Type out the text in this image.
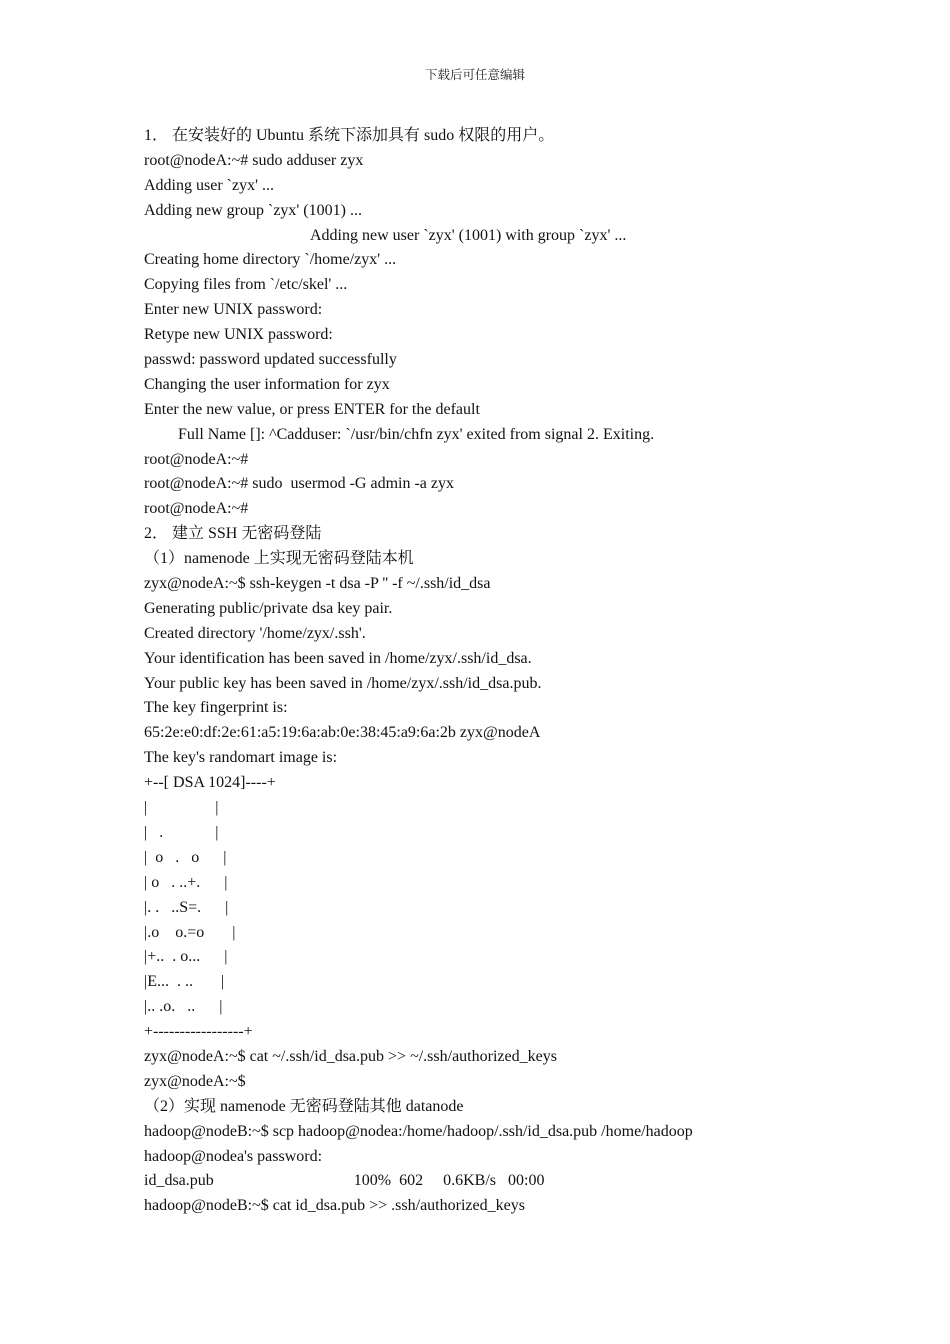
下载后可任意编辑
1． 在安装好的 Ubuntu 系统下添加具有 sudo 权限的用户。
root@nodeA:~# sudo adduser zyx
Adding user `zyx' ...
Adding new group `zyx' (1001) ...
Adding new user `zyx' (1001) with group `zyx' ...
Creating home directory `/home/zyx' ...
Copying files from `/etc/skel' ...
Enter new UNIX password:
Retype new UNIX password:
passwd: password updated successfully
Changing the user information for zyx
Enter the new value, or press ENTER for the default
Full Name []: ^Cadduser: `/usr/bin/chfn zyx' exited from signal 2. Exiting.
root@nodeA:~#
root@nodeA:~# sudo  usermod -G admin -a zyx
root@nodeA:~#
2． 建立 SSH 无密码登陆
（1）namenode 上实现无密码登陆本机
zyx@nodeA:~$ ssh-keygen -t dsa -P '' -f ~/.ssh/id_dsa
Generating public/private dsa key pair.
Created directory '/home/zyx/.ssh'.
Your identification has been saved in /home/zyx/.ssh/id_dsa.
Your public key has been saved in /home/zyx/.ssh/id_dsa.pub.
The key fingerprint is:
65:2e:e0:df:2e:61:a5:19:6a:ab:0e:38:45:a9:6a:2b zyx@nodeA
The key's randomart image is:
+--[ DSA 1024]----+
|                 |
|   .             |
|  o   .   o      |
| o   . ..+.      |
|. .   ..S=.      |
|.o    o.=o       |
|+..  . o...      |
|E...  . ..       |
|.. .o.   ..      |
+-----------------+
zyx@nodeA:~$ cat ~/.ssh/id_dsa.pub >> ~/.ssh/authorized_keys
zyx@nodeA:~$
（2）实现 namenode 无密码登陆其他 datanode
hadoop@nodeB:~$ scp hadoop@nodea:/home/hadoop/.ssh/id_dsa.pub /home/hadoop
hadoop@nodea's password:
id_dsa.pub                                   100%  602     0.6KB/s   00:00
hadoop@nodeB:~$ cat id_dsa.pub >> .ssh/authorized_keys
